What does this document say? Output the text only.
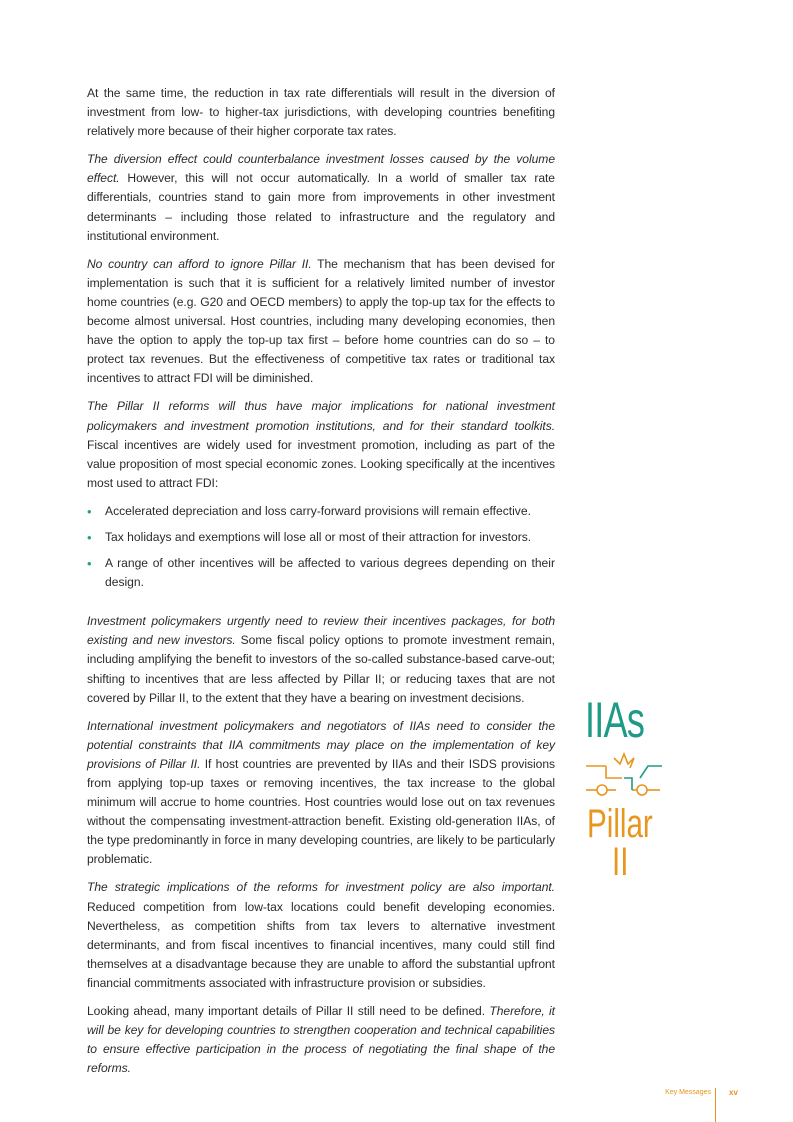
At the same time, the reduction in tax rate differentials will result in the diversion of investment from low- to higher-tax jurisdictions, with developing countries benefiting relatively more because of their higher corporate tax rates.

The diversion effect could counterbalance investment losses caused by the volume effect. However, this will not occur automatically. In a world of smaller tax rate differentials, countries stand to gain more from improvements in other investment determinants – including those related to infrastructure and the regulatory and institutional environment.

No country can afford to ignore Pillar II. The mechanism that has been devised for implementation is such that it is sufficient for a relatively limited number of investor home countries (e.g. G20 and OECD members) to apply the top-up tax for the effects to become almost universal. Host countries, including many developing economies, then have the option to apply the top-up tax first – before home countries can do so – to protect tax revenues. But the effectiveness of competitive tax rates or traditional tax incentives to attract FDI will be diminished.

The Pillar II reforms will thus have major implications for national investment policymakers and investment promotion institutions, and for their standard toolkits. Fiscal incentives are widely used for investment promotion, including as part of the value proposition of most special economic zones. Looking specifically at the incentives most used to attract FDI:

• Accelerated depreciation and loss carry-forward provisions will remain effective.
• Tax holidays and exemptions will lose all or most of their attraction for investors.
• A range of other incentives will be affected to various degrees depending on their design.

Investment policymakers urgently need to review their incentives packages, for both existing and new investors. Some fiscal policy options to promote investment remain, including amplifying the benefit to investors of the so-called substance-based carve-out; shifting to incentives that are less affected by Pillar II; or reducing taxes that are not covered by Pillar II, to the extent that they have a bearing on investment decisions.

International investment policymakers and negotiators of IIAs need to consider the potential constraints that IIA commitments may place on the implementation of key provisions of Pillar II. If host countries are prevented by IIAs and their ISDS provisions from applying top-up taxes or removing incentives, the tax increase to the global minimum will accrue to home countries. Host countries would lose out on tax revenues without the compensating investment-attraction benefit. Existing old-generation IIAs, of the type predominantly in force in many developing countries, are likely to be particularly problematic.

The strategic implications of the reforms for investment policy are also important. Reduced competition from low-tax locations could benefit developing economies. Nevertheless, as competition shifts from tax levers to alternative investment determinants, and from fiscal incentives to financial incentives, many could still find themselves at a disadvantage because they are unable to afford the substantial upfront financial commitments associated with infrastructure provision or subsidies.

Looking ahead, many important details of Pillar II still need to be defined. Therefore, it will be key for developing countries to strengthen cooperation and technical capabilities to ensure effective participation in the process of negotiating the final shape of the reforms.

IIAs
Pillar
II
Key Messages xv
